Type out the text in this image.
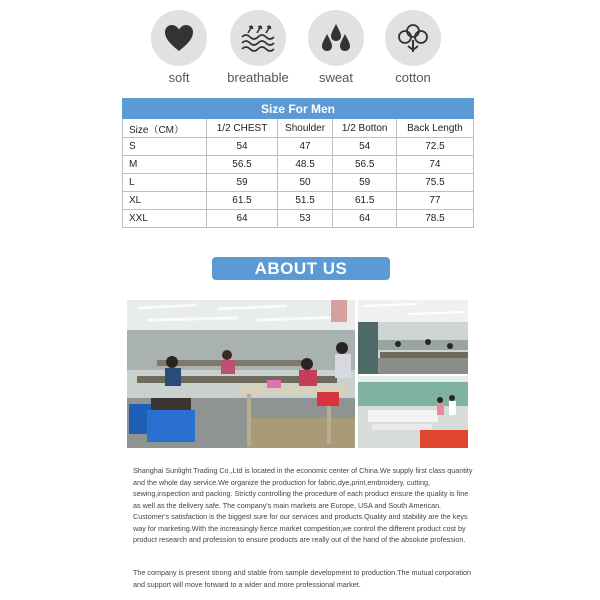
soft	breathable	sweat	cotton
Size For Men				
Size（CM）	1/2 CHEST	Shoulder	1/2 Botton	Back Length
S	54	47	54	72.5
M	56.5	48.5	56.5	74
L	59	50	59	75.5
XL	61.5	51.5	61.5	77
XXL	64	53	64	78.5
ABOUT US

Shanghai Sunlight Trading Co.,Ltd is located in the economic center of China.We supply first class quantity and the whole day service.We organize the production for fabric,dye,print,embroidery, cutting, sewing,inspection and packing. Strictly controlling the procedure of each product ensure the quality is fine as well as the delivery safe. The company's main markets are Europe, USA and South American. Customer's satisfaction is the biggest sure for our services and products.Quality and stability are the keys way for marketing.With the increasingly fierce market competition,we control the different product cost by product research and profession to ensure products are really out of the hand of the absolute profession.

The company is present strong and stable from sample development to production.The mutual corporation and support will move forward to a wider and more professional market.
